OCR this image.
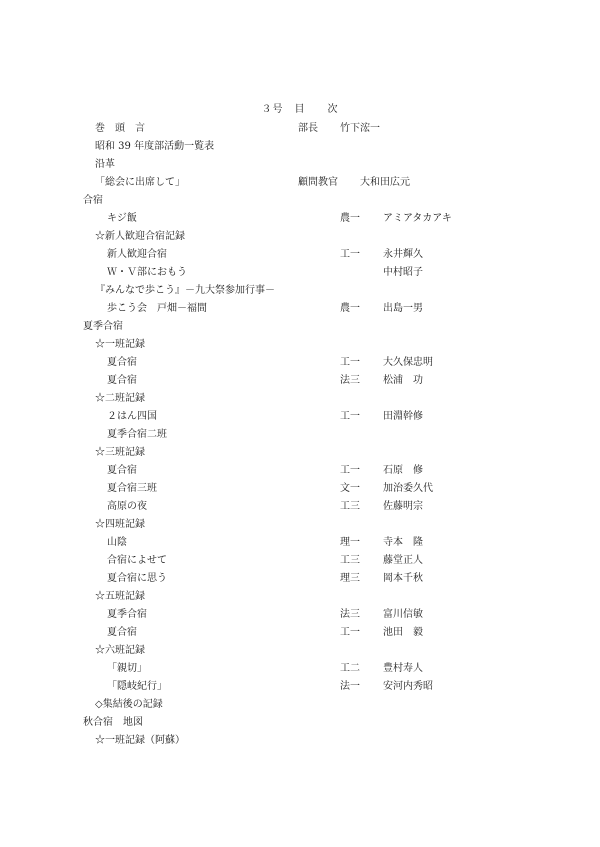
３号　目　　次
巻　頭　言	部長 竹下浤一
昭和 39 年度部活動一覧表
沿革
「総会に出席して」	顧問教官 大和田広元
合宿
キジ飯	農一 アミアタカアキ
☆新人歓迎合宿記録
新人歓迎合宿	工一 永井輝久
Ｗ・Ｖ部におもう	中村昭子
『みんなで歩こう』－九大祭参加行事－
歩こう会　戸畑－福間	農一 出島一男
夏季合宿
☆一班記録
夏合宿	工一 大久保忠明
夏合宿	法三 松浦　功
☆二班記録
２はん四国	工一 田淵幹修
夏季合宿二班
☆三班記録
夏合宿	工一 石原　修
夏合宿三班	文一 加治委久代
高原の夜	工三 佐藤明宗
☆四班記録
山陰	理一 寺本　隆
合宿によせて	工三 藤堂正人
夏合宿に思う	理三 岡本千秋
☆五班記録
夏季合宿	法三 富川信敏
夏合宿	工一 池田　毅
☆六班記録
「親切」	工二 豊村寿人
「隠岐紀行」	法一 安河内秀昭
◇集結後の記録
秋合宿　地図
☆一班記録（阿蘇）
